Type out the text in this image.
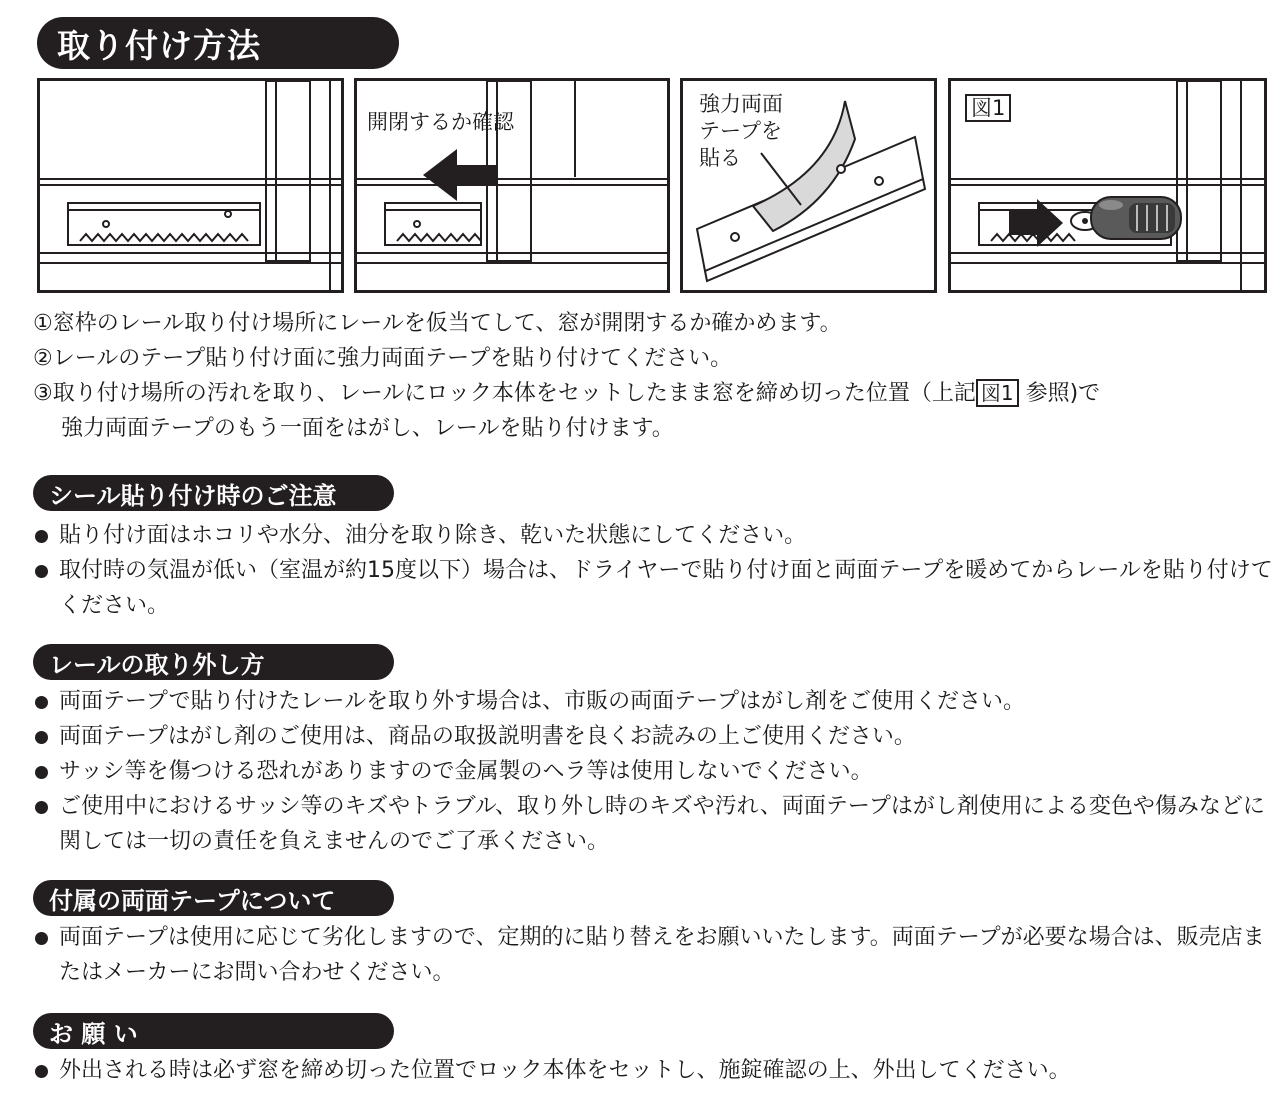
取り付け方法
開閉するか確認
強力両面
テープを
貼る
図1

①窓枠のレール取り付け場所にレールを仮当てして、窓が開閉するか確かめます。

②レールのテープ貼り付け面に強力両面テープを貼り付けてください。

③取り付け場所の汚れを取り、レールにロック本体をセットしたまま窓を締め切った位置（上記 図1 参照)で
強力両面テープのもう一面をはがし、レールを貼り付けます。

シール貼り付け時のご注意
貼り付け面はホコリや水分、油分を取り除き、乾いた状態にしてください。
取付時の気温が低い（室温が約15度以下）場合は、ドライヤーで貼り付け面と両面テープを暖めてからレールを貼り付けてください。
レールの取り外し方
両面テープで貼り付けたレールを取り外す場合は、市販の両面テープはがし剤をご使用ください。
両面テープはがし剤のご使用は、商品の取扱説明書を良くお読みの上ご使用ください。
サッシ等を傷つける恐れがありますので金属製のヘラ等は使用しないでください。
ご使用中におけるサッシ等のキズやトラブル、取り外し時のキズや汚れ、両面テープはがし剤使用による変色や傷みなどに関しては一切の責任を負えませんのでご了承ください。
付属の両面テープについて
両面テープは使用に応じて劣化しますので、定期的に貼り替えをお願いいたします。両面テープが必要な場合は、販売店またはメーカーにお問い合わせください。
お 願 い
外出される時は必ず窓を締め切った位置でロック本体をセットし、施錠確認の上、外出してください。
